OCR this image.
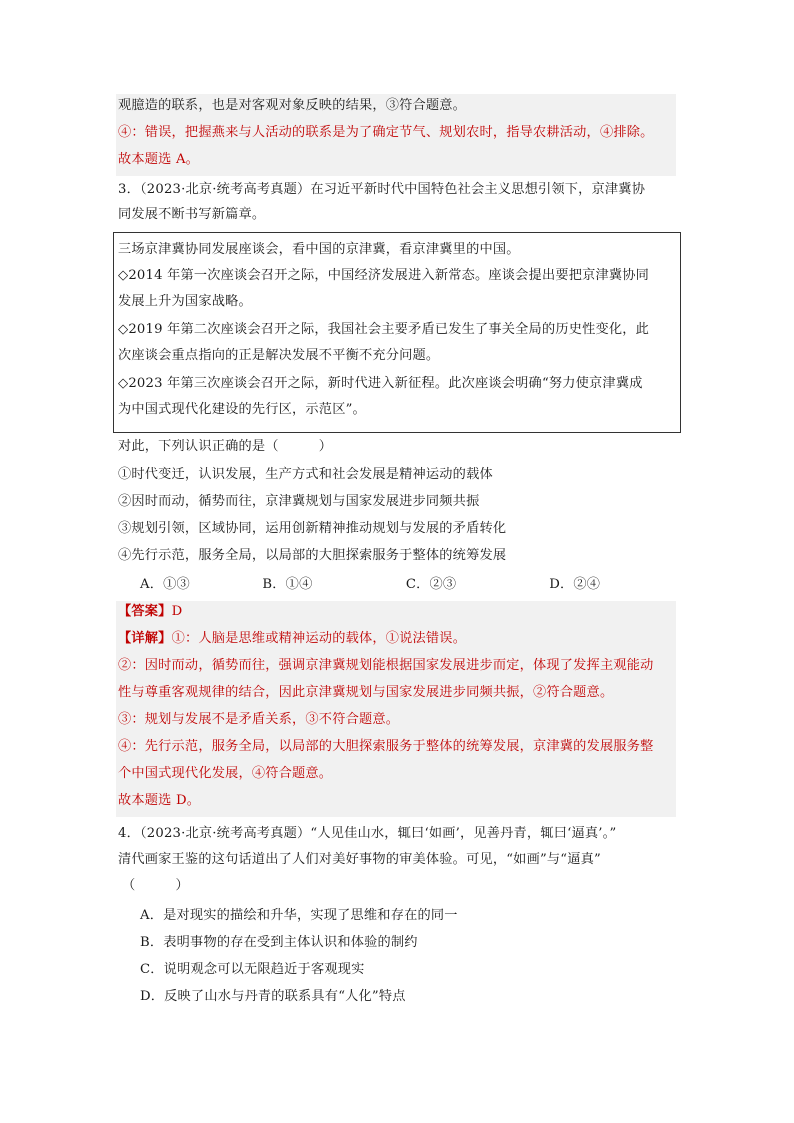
观臆造的联系，也是对客观对象反映的结果，③符合题意。
④：错误，把握燕来与人活动的联系是为了确定节气、规划农时，指导农耕活动，④排除。
故本题选 A。
3．（2023·北京·统考高考真题）在习近平新时代中国特色社会主义思想引领下，京津冀协
同发展不断书写新篇章。
三场京津冀协同发展座谈会，看中国的京津冀，看京津冀里的中国。
◇2014 年第一次座谈会召开之际，中国经济发展进入新常态。座谈会提出要把京津冀协同
发展上升为国家战略。
◇2019 年第二次座谈会召开之际，我国社会主要矛盾已发生了事关全局的历史性变化，此
次座谈会重点指向的正是解决发展不平衡不充分问题。
◇2023 年第三次座谈会召开之际，新时代进入新征程。此次座谈会明确“努力使京津冀成
为中国式现代化建设的先行区，示范区”。
对此，下列认识正确的是（　　　）
①时代变迁，认识发展，生产方式和社会发展是精神运动的载体
②因时而动，循势而往，京津冀规划与国家发展进步同频共振
③规划引领，区域协同，运用创新精神推动规划与发展的矛盾转化
④先行示范，服务全局，以局部的大胆探索服务于整体的统筹发展
A．①③	B．①④	C．②③	D．②④
【答案】D
【详解】①：人脑是思维或精神运动的载体，①说法错误。
②：因时而动，循势而往，强调京津冀规划能根据国家发展进步而定，体现了发挥主观能动
性与尊重客观规律的结合，因此京津冀规划与国家发展进步同频共振，②符合题意。
③：规划与发展不是矛盾关系，③不符合题意。
④：先行示范，服务全局，以局部的大胆探索服务于整体的统筹发展，京津冀的发展服务整
个中国式现代化发展，④符合题意。
故本题选 D。
4．（2023·北京·统考高考真题）“人见佳山水，辄曰‘如画’，见善丹青，辄曰‘逼真’。”
清代画家王鉴的这句话道出了人们对美好事物的审美体验。可见，“如画”与“逼真”
（　　　）
A．是对现实的描绘和升华，实现了思维和存在的同一
B．表明事物的存在受到主体认识和体验的制约
C．说明观念可以无限趋近于客观现实
D．反映了山水与丹青的联系具有“人化”特点
